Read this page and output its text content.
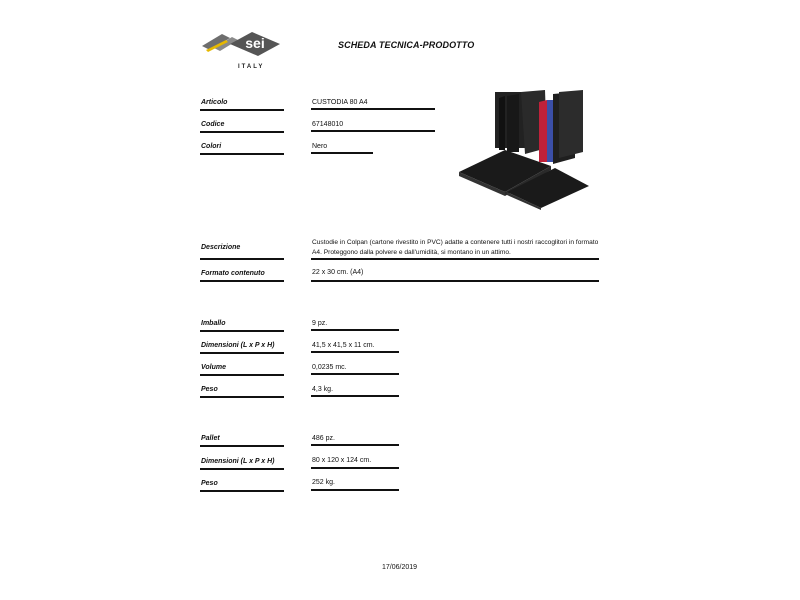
sei
ITALY
SCHEDA TECNICA-PRODOTTO
Articolo	CUSTODIA 80 A4
Codice	67148010
Colori	Nero
Descrizione
Custodie in Colpan (cartone rivestito in PVC) adatte a contenere tutti i nostri raccoglitori in formato A4. Proteggono dalla polvere e dall'umidità, si montano in un attimo.
Formato contenuto	22 x 30 cm. (A4)
Imballo	9 pz.
Dimensioni (L x P x H)	41,5 x 41,5 x 11 cm.
Volume	0,0235 mc.
Peso	4,3 kg.
Pallet	486 pz.
Dimensioni (L x P x H)	80 x 120 x 124 cm.
Peso	252 kg.
17/06/2019
